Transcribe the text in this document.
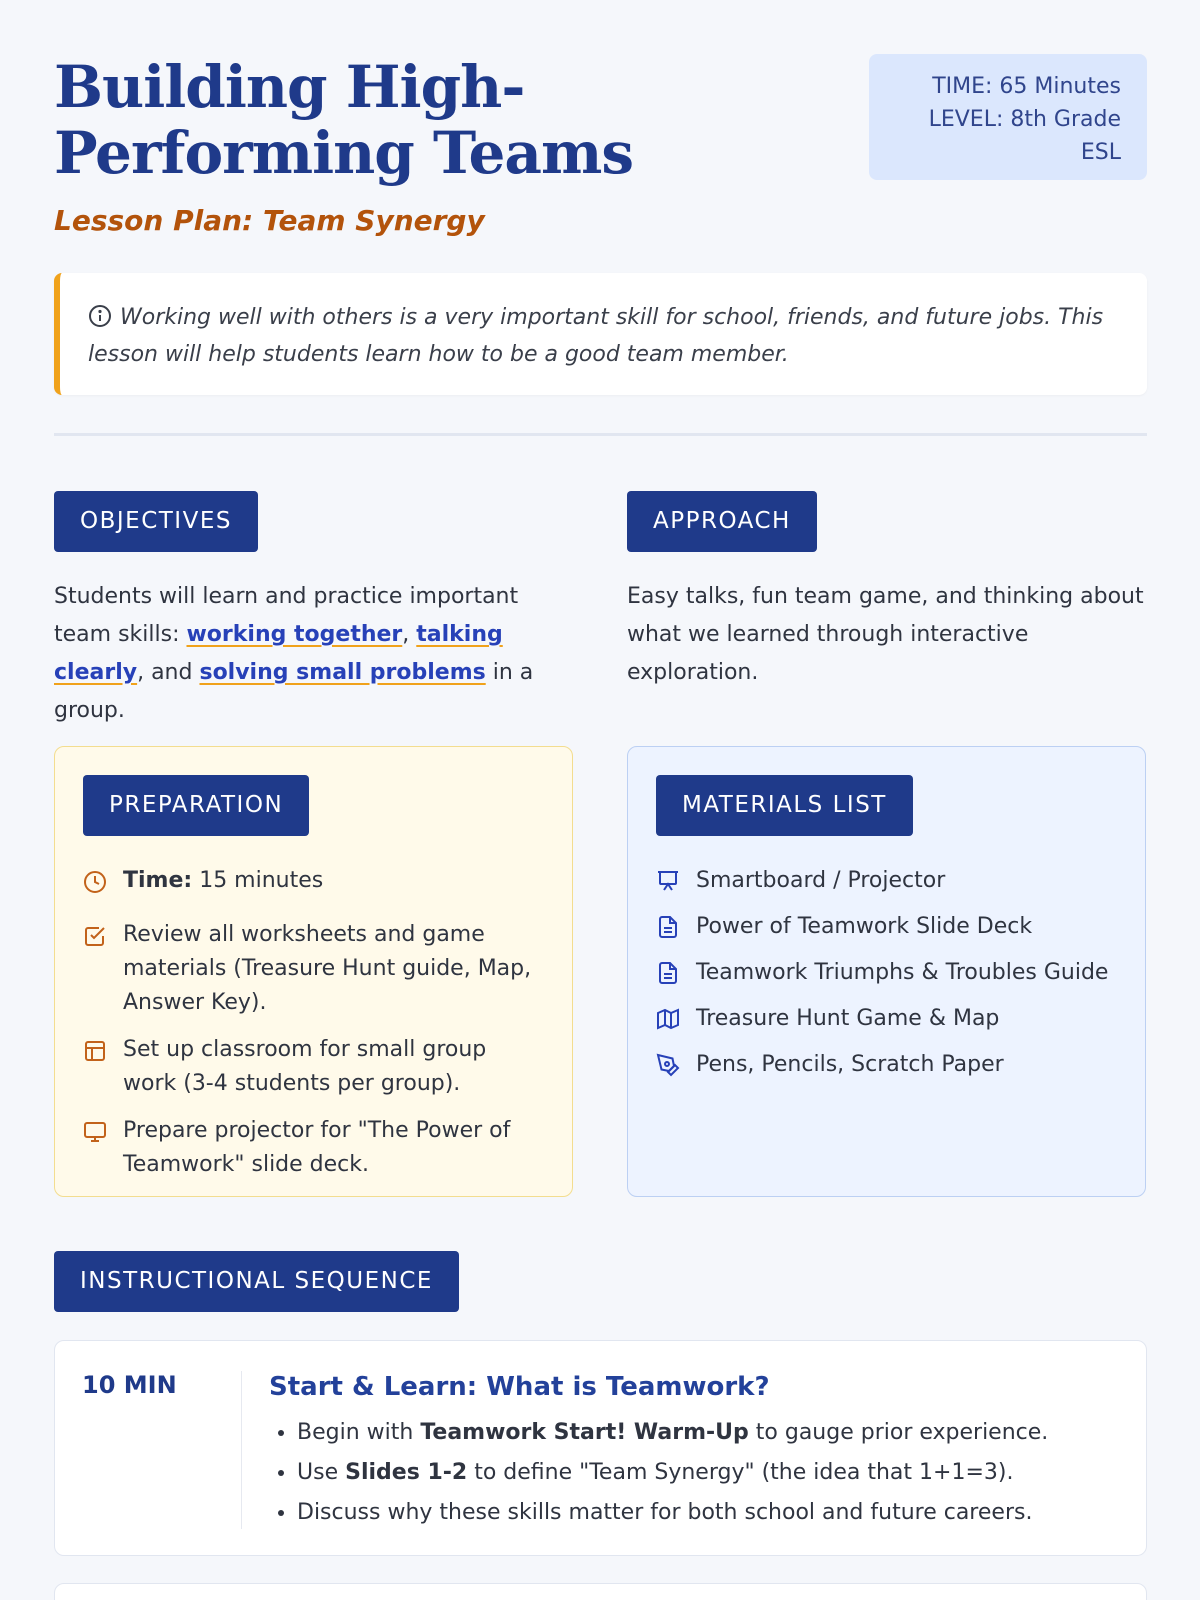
Building High-Performing Teams
TIME: 65 Minutes
LEVEL: 8th Grade
ESL
Lesson Plan: Team Synergy
Working well with others is a very important skill for school, friends, and future jobs. This lesson will help students learn how to be a good team member.
OBJECTIVES

Students will learn and practice important team skills: working together, talking clearly, and solving small problems in a group.

APPROACH

Easy talks, fun team game, and thinking about what we learned through interactive exploration.

PREPARATION
Time: 15 minutes
Review all worksheets and game materials (Treasure Hunt guide, Map, Answer Key).
Set up classroom for small group work (3-4 students per group).
Prepare projector for "The Power of Teamwork" slide deck.
MATERIALS LIST
Smartboard / Projector
Power of Teamwork Slide Deck
Teamwork Triumphs & Troubles Guide
Treasure Hunt Game & Map
Pens, Pencils, Scratch Paper
INSTRUCTIONAL SEQUENCE
10 MIN	Start & Learn: What is Teamwork?
• Begin with Teamwork Start! Warm-Up to gauge prior experience.
• Use Slides 1-2 to define "Team Synergy" (the idea that 1+1=3).
• Discuss why these skills matter for both school and future careers.
